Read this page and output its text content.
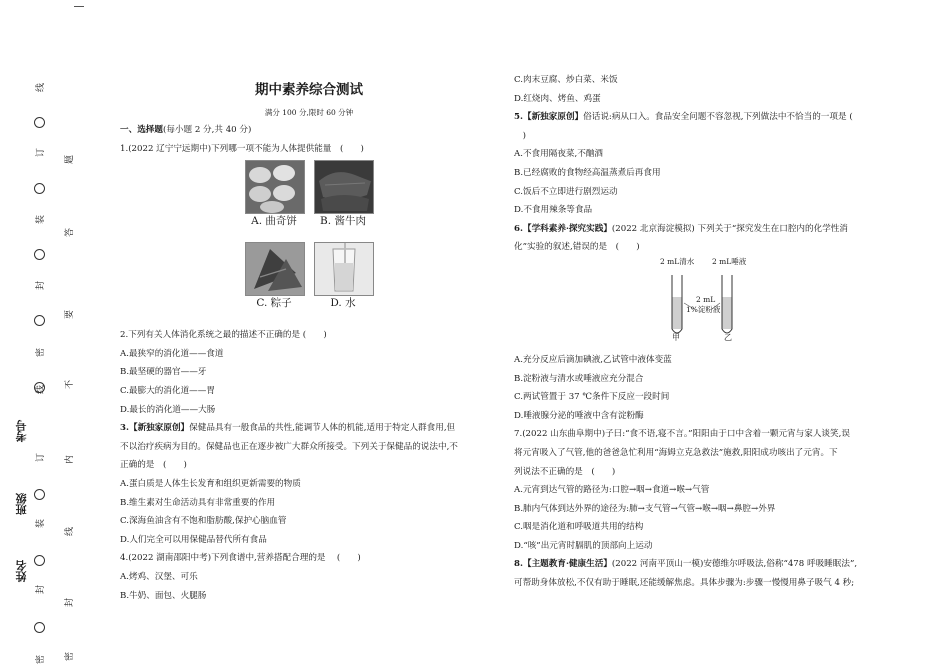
线
订
装
封
密
线
订
装
封
密
题
答
要
不
内
线
封
密
考号
班级
姓名
期中素养综合测试
满分 100 分,限时 60 分钟

一、选择题(每小题 2 分,共 40 分)

1.(2022 辽宁宁远期中)下列哪一项不能为人体提供能量　(　　)

A. 曲奇饼	B. 酱牛肉
C. 粽子	D. 水

2.下列有关人体消化系统之最的描述不正确的是 (　　)

A.最狭窄的消化道——食道

B.最坚硬的器官——牙

C.最膨大的消化道——胃

D.最长的消化道——大肠

3.【新独家原创】保健品具有一般食品的共性,能调节人体的机能,适用于特定人群食用,但

不以治疗疾病为目的。保健品也正在逐步被广大群众所接受。下列关于保健品的说法中,不

正确的是　(　　)

A.蛋白质是人体生长发育和组织更新需要的物质

B.维生素对生命活动具有非常重要的作用

C.深海鱼油含有不饱和脂肪酸,保护心脑血管

D.人们完全可以用保健品替代所有食品

4.(2022 湖南邵阳中考)下列食谱中,营养搭配合理的是　 (　　)

A.烤鸡、汉堡、可乐

B.牛奶、面包、火腿肠

C.肉末豆腐、炒白菜、米饭

D.红烧肉、烤鱼、鸡蛋

5.【新独家原创】俗话说:病从口入。食品安全问题不容忽视,下列做法中不恰当的一项是 (

　)

A.不食用隔夜菜,不酗酒

B.已经腐败的食物经高温蒸煮后再食用

C.饭后不立即进行剧烈运动

D.不食用辣条等食品

6.【学科素养·探究实践】(2022 北京海淀模拟) 下列关于“探究发生在口腔内的化学性消

化”实验的叙述,错误的是　(　　)

2 mL清水 2 mL唾液
2 mL
1%淀粉液
甲	乙

A.充分反应后滴加碘液,乙试管中液体变蓝

B.淀粉液与清水或唾液应充分混合

C.两试管置于 37 ℃条件下反应一段时间

D.唾液腺分泌的唾液中含有淀粉酶

7.(2022 山东曲阜期中)子曰:“食不语,寝不言。”阳阳由于口中含着一颗元宵与家人谈笑,误

将元宵吸入了气管,他的爸爸急忙利用“海姆立克急救法”施救,阳阳成功咳出了元宵。下

列说法不正确的是　(　　)

A.元宵到达气管的路径为:口腔→咽→食道→喉→气管

B.肺内气体到达外界的途径为:肺→支气管→气管→喉→咽→鼻腔→外界

C.咽是消化道和呼吸道共用的结构

D.“咳”出元宵时膈肌的顶部向上运动

8.【主题教育·健康生活】(2022 河南平顶山一模)安德维尔呼吸法,俗称“478 呼吸睡眠法”,

可帮助身体放松,不仅有助于睡眠,还能缓解焦虑。具体步骤为:步骤一慢慢用鼻子吸气 4 秒;
